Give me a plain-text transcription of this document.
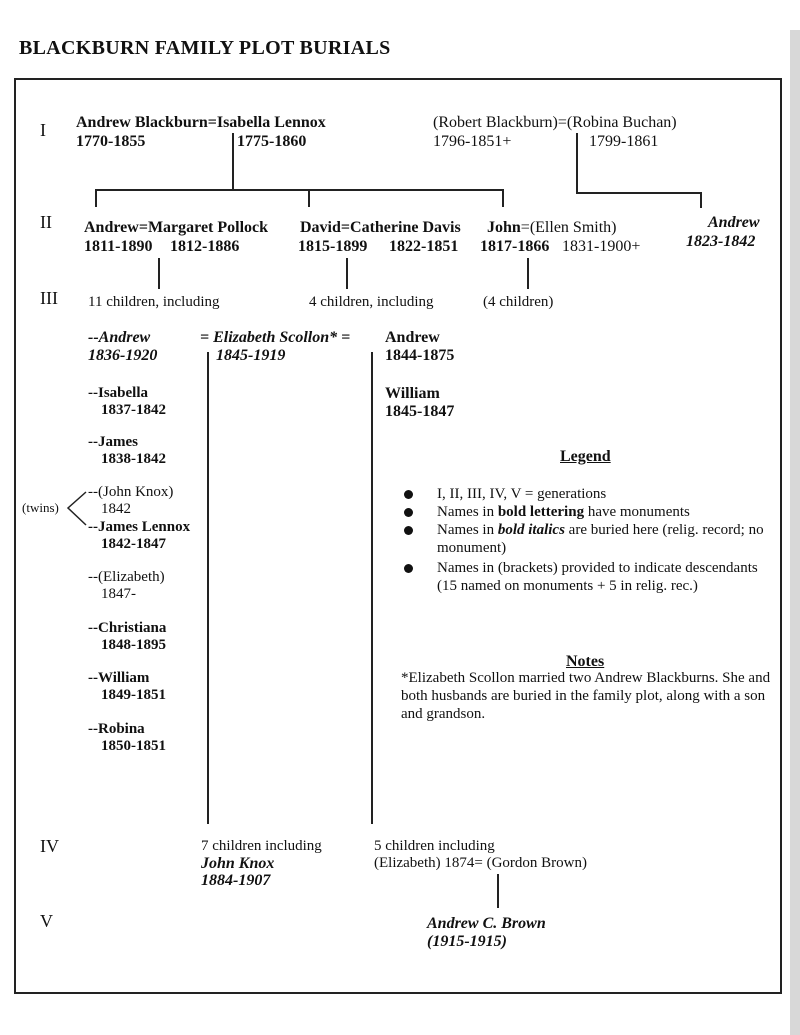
BLACKBURN FAMILY PLOT BURIALS
I
II
III
IV
V
Andrew Blackburn=Isabella Lennox
1770-1855	1775-1860
(Robert Blackburn)=(Robina Buchan)
1796-1851+	1799-1861
Andrew=Margaret Pollock
1811-1890 1812-1886
David=Catherine Davis
1815-1899 1822-1851
John=(Ellen Smith)
1817-1866 1831-1900+
Andrew
1823-1842
11 children, including	4 children, including	(4 children)
--Andrew
1836-1920
= Elizabeth Scollon* =
1845-1919
Andrew
1844-1875
William
1845-1847
--Isabella
1837-1842
--James
1838-1842
(twins)
--(John Knox)
1842
--James Lennox
1842-1847
--(Elizabeth)
1847-
--Christiana
1848-1895
--William
1849-1851
--Robina
1850-1851
Legend
I, II, III, IV, V = generations
Names in bold lettering have monuments
Names in bold italics are buried here (relig. record; no monument)
Names in (brackets) provided to indicate descendants (15 named on monuments + 5 in relig. rec.)
Notes
*Elizabeth Scollon married two Andrew Blackburns. She and both husbands are buried in the family plot, along with a son and grandson.
7 children including
John Knox
1884-1907
5 children including
(Elizabeth) 1874= (Gordon Brown)
Andrew C. Brown
(1915-1915)
